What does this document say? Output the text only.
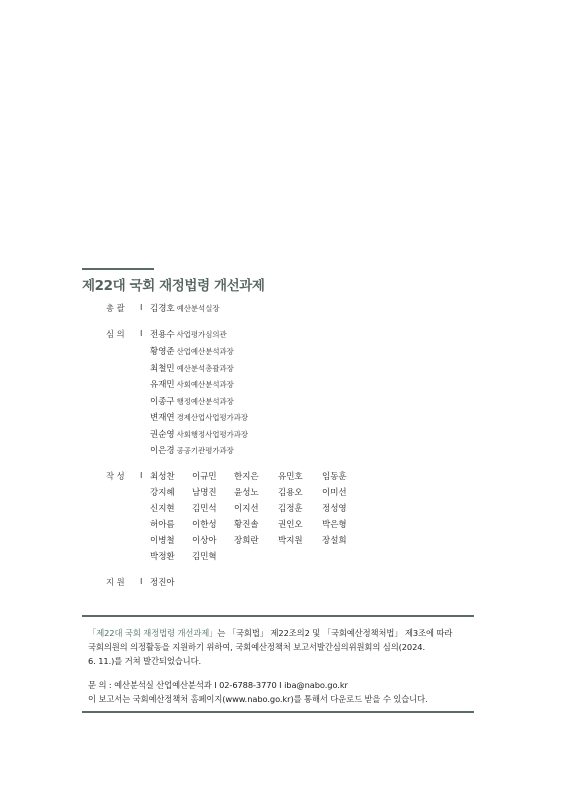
제22대 국회 재정법령 개선과제
총 괄 I 김경호 예산분석실장
심 의 I 전용수 사업평가심의관
황영준 산업예산분석과장
최철민 예산분석총괄과장
유재민 사회예산분석과장
이종구 행정예산분석과장
변재연 경제산업사업평가과장
권순영 사회행정사업평가과장
이은경 공공기관평가과장
작 성 I 최성찬 이규민 한지은 유민호 임동훈
강지혜 남명진 윤성노 김용오 이미선
신지현 김민석 이지선 김정훈 정성영
허아름 이한성 황진솔 권인오 박은형
이병철 이상아 장희란 박지원 장설희
박정환 김민혁
지 원 I 정진아
「제22대 국회 재정법령 개선과제」는 「국회법」 제22조의2 및 「국회예산정책처법」 제3조에 따라
국회의원의 의정활동을 지원하기 위하여, 국회예산정책처 보고서발간심의위원회의 심의(2024.
6. 11.)를 거쳐 발간되었습니다.
문 의 : 예산분석실 산업예산분석과 I 02-6788-3770 I iba@nabo.go.kr
이 보고서는 국회예산정책처 홈페이지(www.nabo.go.kr)를 통해서 다운로드 받을 수 있습니다.
